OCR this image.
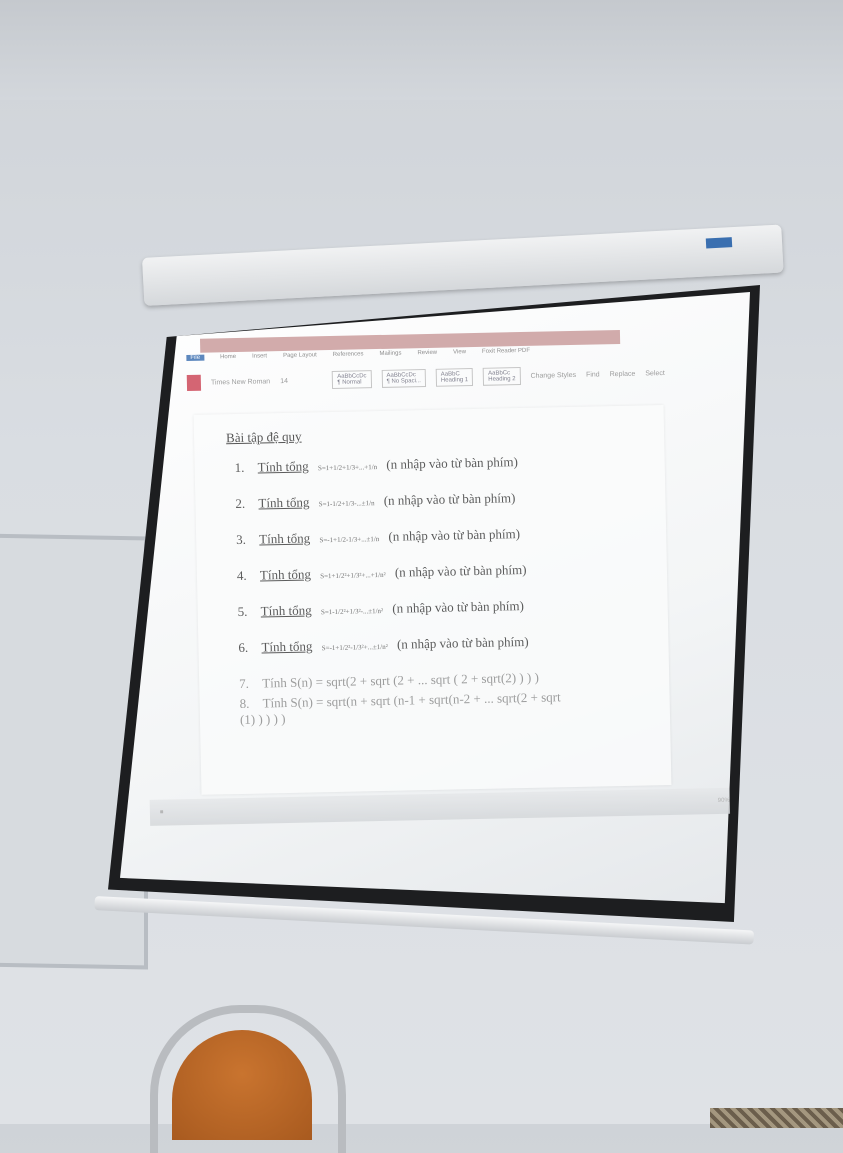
File	Home	Insert	Page Layout	References	Mailings	Review	View	Foxit Reader PDF
Times New Roman 14
AaBbCcDc
¶ Normal
AaBbCcDc
¶ No Spaci...
AaBbC
Heading 1
AaBbCc
Heading 2
Change Styles Find Replace Select
Bài tập đệ quy
1. Tính tổng S=1+1/2+1/3+...+1/n (n nhập vào từ bàn phím)
2. Tính tổng S=1-1/2+1/3-...±1/n (n nhập vào từ bàn phím)
3. Tính tổng S=-1+1/2-1/3+...±1/n (n nhập vào từ bàn phím)
4. Tính tổng S=1+1/2²+1/3²+...+1/n² (n nhập vào từ bàn phím)
5. Tính tổng S=1-1/2²+1/3²-...±1/n² (n nhập vào từ bàn phím)
6. Tính tổng S=-1+1/2²-1/3²+...±1/n² (n nhập vào từ bàn phím)
7. Tính S(n) = sqrt(2 + sqrt (2 + ... sqrt ( 2 + sqrt(2) ) ) )
8. Tính S(n) = sqrt(n + sqrt (n-1 + sqrt(n-2 + ... sqrt(2 + sqrt (1) ) ) ) )
■
90%
